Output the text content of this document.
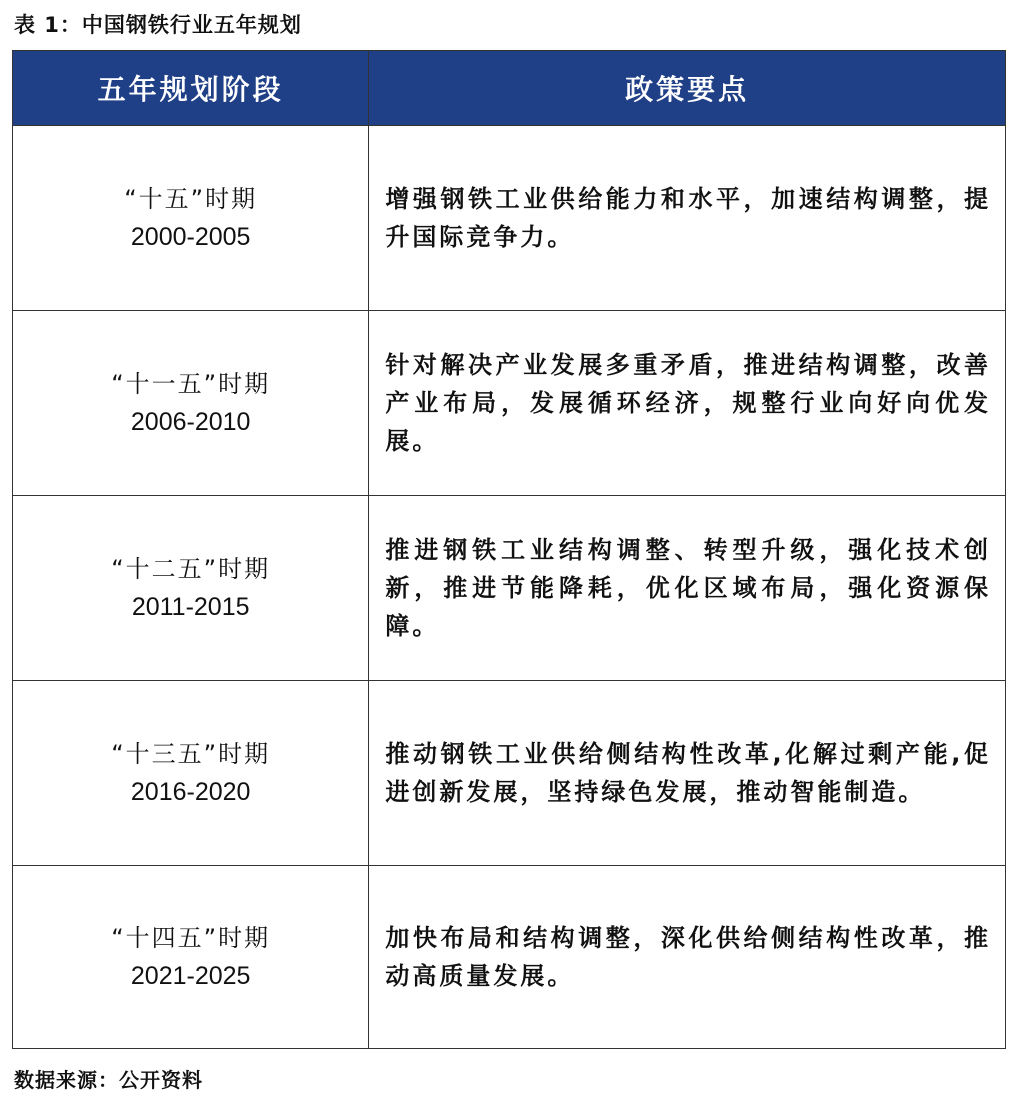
表 1：中国钢铁行业五年规划
五年规划阶段	政策要点

“十五”时期
2000-2005	增强钢铁工业供给能力和水平，加速结构调整，提升国际竞争力。

“十一五”时期
2006-2010	针对解决产业发展多重矛盾，推进结构调整，改善产业布局，发展循环经济，规整行业向好向优发展。

“十二五”时期
2011-2015	推进钢铁工业结构调整、转型升级，强化技术创新，推进节能降耗，优化区域布局，强化资源保障。

“十三五”时期
2016-2020	推动钢铁工业供给侧结构性改革,化解过剩产能,促进创新发展，坚持绿色发展，推动智能制造。

“十四五”时期
2021-2025	加快布局和结构调整，深化供给侧结构性改革，推动高质量发展。
数据来源：公开资料
